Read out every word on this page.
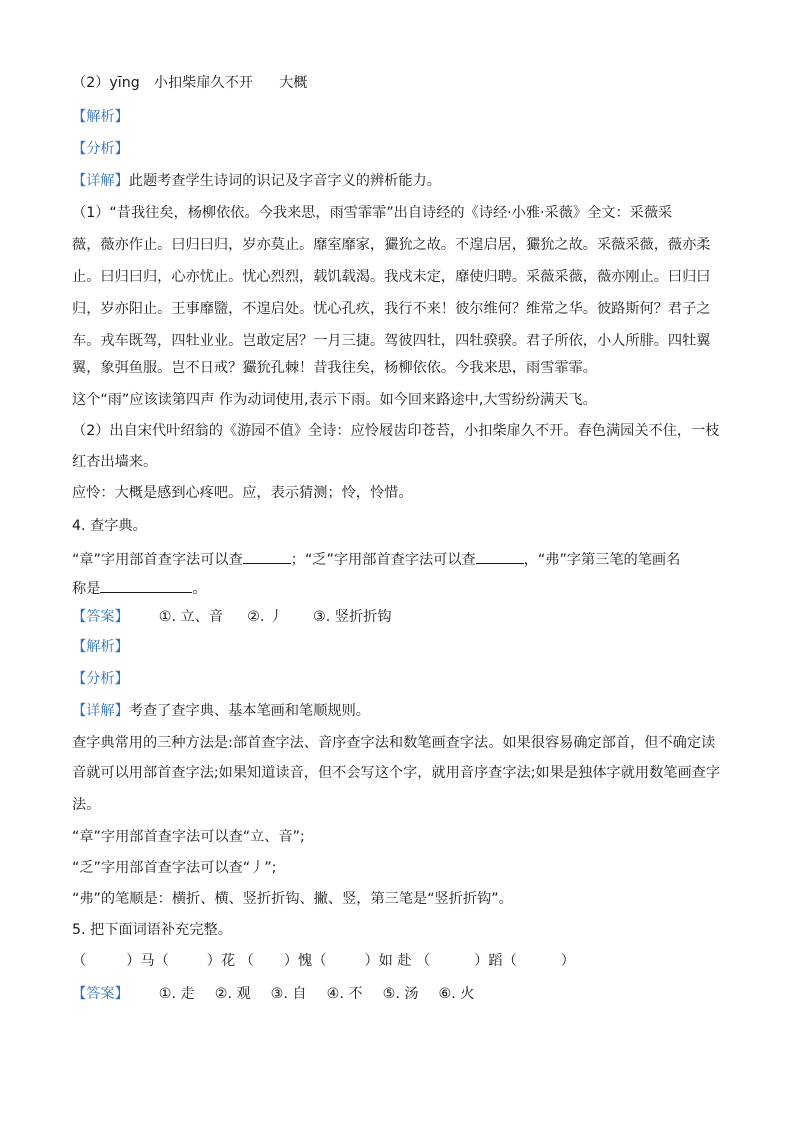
（2）yīng 小扣柴扉久不开 大概
【解析】
【分析】
【详解】此题考查学生诗词的识记及字音字义的辨析能力。
（1）“昔我往矣，杨柳依依。今我来思，雨雪霏霏”出自诗经的《诗经·小雅·采薇》全文：采薇采
薇，薇亦作止。曰归曰归，岁亦莫止。靡室靡家，玁狁之故。不遑启居，玁狁之故。采薇采薇，薇亦柔
止。曰归曰归，心亦忧止。忧心烈烈，载饥载渴。我戍未定，靡使归聘。采薇采薇，薇亦刚止。曰归曰
归，岁亦阳止。王事靡盬，不遑启处。忧心孔疚，我行不来！彼尔维何？维常之华。彼路斯何？君子之
车。戎车既驾，四牡业业。岂敢定居？一月三捷。驾彼四牡，四牡骙骙。君子所依，小人所腓。四牡翼
翼，象弭鱼服。岂不日戒？玁狁孔棘！昔我往矣，杨柳依依。今我来思，雨雪霏霏。
这个“雨”应该读第四声 作为动词使用,表示下雨。如今回来路途中,大雪纷纷满天飞。
（2）出自宋代叶绍翁的《游园不值》全诗：应怜屐齿印苍苔，小扣柴扉久不开。春色满园关不住，一枝
红杏出墙来。
应怜：大概是感到心疼吧。应，表示猜测；怜，怜惜。
4. 查字典。
“章”字用部首查字法可以查	；“乏”字用部首查字法可以查	，“弗”字第三笔的笔画名
称是	。
【答案】 ①. 立、音 ②. 丿 ③. 竖折折钩
【解析】
【分析】
【详解】考查了查字典、基本笔画和笔顺规则。
查字典常用的三种方法是:部首查字法、音序查字法和数笔画查字法。如果很容易确定部首，但不确定读
音就可以用部首查字法;如果知道读音，但不会写这个字，就用音序查字法;如果是独体字就用数笔画查字
法。
“章”字用部首查字法可以查“立、音”;
“乏”字用部首查字法可以查“丿”;
“弗”的笔顺是：横折、横、竖折折钩、撇、竖，第三笔是“竖折折钩”。
5. 把下面词语补充完整。
（	）马（	）花 （ ）愧（	）如 赴 （	）蹈（	）
【答案】 ①. 走 ②. 观 ③. 自 ④. 不 ⑤. 汤 ⑥. 火
